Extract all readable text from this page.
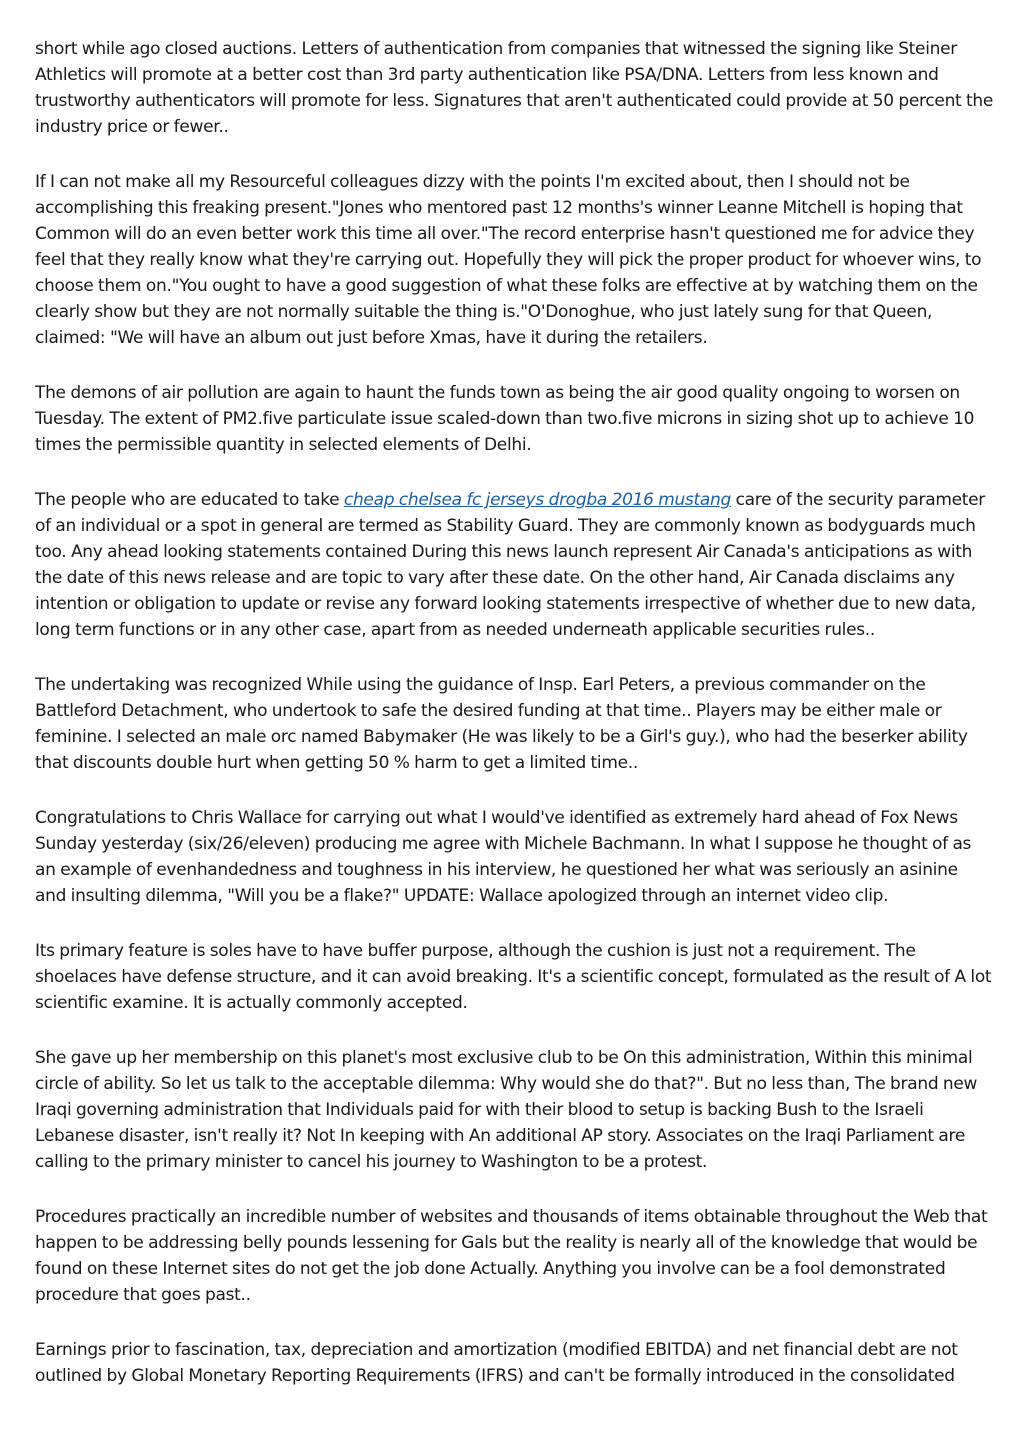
short while ago closed auctions. Letters of authentication from companies that witnessed the signing like Steiner Athletics will promote at a better cost than 3rd party authentication like PSA/DNA. Letters from less known and trustworthy authenticators will promote for less. Signatures that aren't authenticated could provide at 50 percent the industry price or fewer..

If I can not make all my Resourceful colleagues dizzy with the points I'm excited about, then I should not be accomplishing this freaking present."Jones who mentored past 12 months's winner Leanne Mitchell is hoping that Common will do an even better work this time all over."The record enterprise hasn't questioned me for advice they feel that they really know what they're carrying out. Hopefully they will pick the proper product for whoever wins, to choose them on."You ought to have a good suggestion of what these folks are effective at by watching them on the clearly show but they are not normally suitable the thing is."O'Donoghue, who just lately sung for that Queen, claimed: "We will have an album out just before Xmas, have it during the retailers.

The demons of air pollution are again to haunt the funds town as being the air good quality ongoing to worsen on Tuesday. The extent of PM2.five particulate issue scaled-down than two.five microns in sizing shot up to achieve 10 times the permissible quantity in selected elements of Delhi.

The people who are educated to take cheap chelsea fc jerseys drogba 2016 mustang care of the security parameter of an individual or a spot in general are termed as Stability Guard. They are commonly known as bodyguards much too. Any ahead looking statements contained During this news launch represent Air Canada's anticipations as with the date of this news release and are topic to vary after these date. On the other hand, Air Canada disclaims any intention or obligation to update or revise any forward looking statements irrespective of whether due to new data, long term functions or in any other case, apart from as needed underneath applicable securities rules..

The undertaking was recognized While using the guidance of Insp. Earl Peters, a previous commander on the Battleford Detachment, who undertook to safe the desired funding at that time.. Players may be either male or feminine. I selected an male orc named Babymaker (He was likely to be a Girl's guy.), who had the beserker ability that discounts double hurt when getting 50 % harm to get a limited time..

Congratulations to Chris Wallace for carrying out what I would've identified as extremely hard ahead of Fox News Sunday yesterday (six/26/eleven) producing me agree with Michele Bachmann. In what I suppose he thought of as an example of evenhandedness and toughness in his interview, he questioned her what was seriously an asinine and insulting dilemma, "Will you be a flake?" UPDATE: Wallace apologized through an internet video clip.

Its primary feature is soles have to have buffer purpose, although the cushion is just not a requirement. The shoelaces have defense structure, and it can avoid breaking. It's a scientific concept, formulated as the result of A lot scientific examine. It is actually commonly accepted.

She gave up her membership on this planet's most exclusive club to be On this administration, Within this minimal circle of ability. So let us talk to the acceptable dilemma: Why would she do that?". But no less than, The brand new Iraqi governing administration that Individuals paid for with their blood to setup is backing Bush to the Israeli Lebanese disaster, isn't really it? Not In keeping with An additional AP story. Associates on the Iraqi Parliament are calling to the primary minister to cancel his journey to Washington to be a protest.

Procedures practically an incredible number of websites and thousands of items obtainable throughout the Web that happen to be addressing belly pounds lessening for Gals but the reality is nearly all of the knowledge that would be found on these Internet sites do not get the job done Actually. Anything you involve can be a fool demonstrated procedure that goes past..

Earnings prior to fascination, tax, depreciation and amortization (modified EBITDA) and net financial debt are not outlined by Global Monetary Reporting Requirements (IFRS) and can't be formally introduced in the consolidated
